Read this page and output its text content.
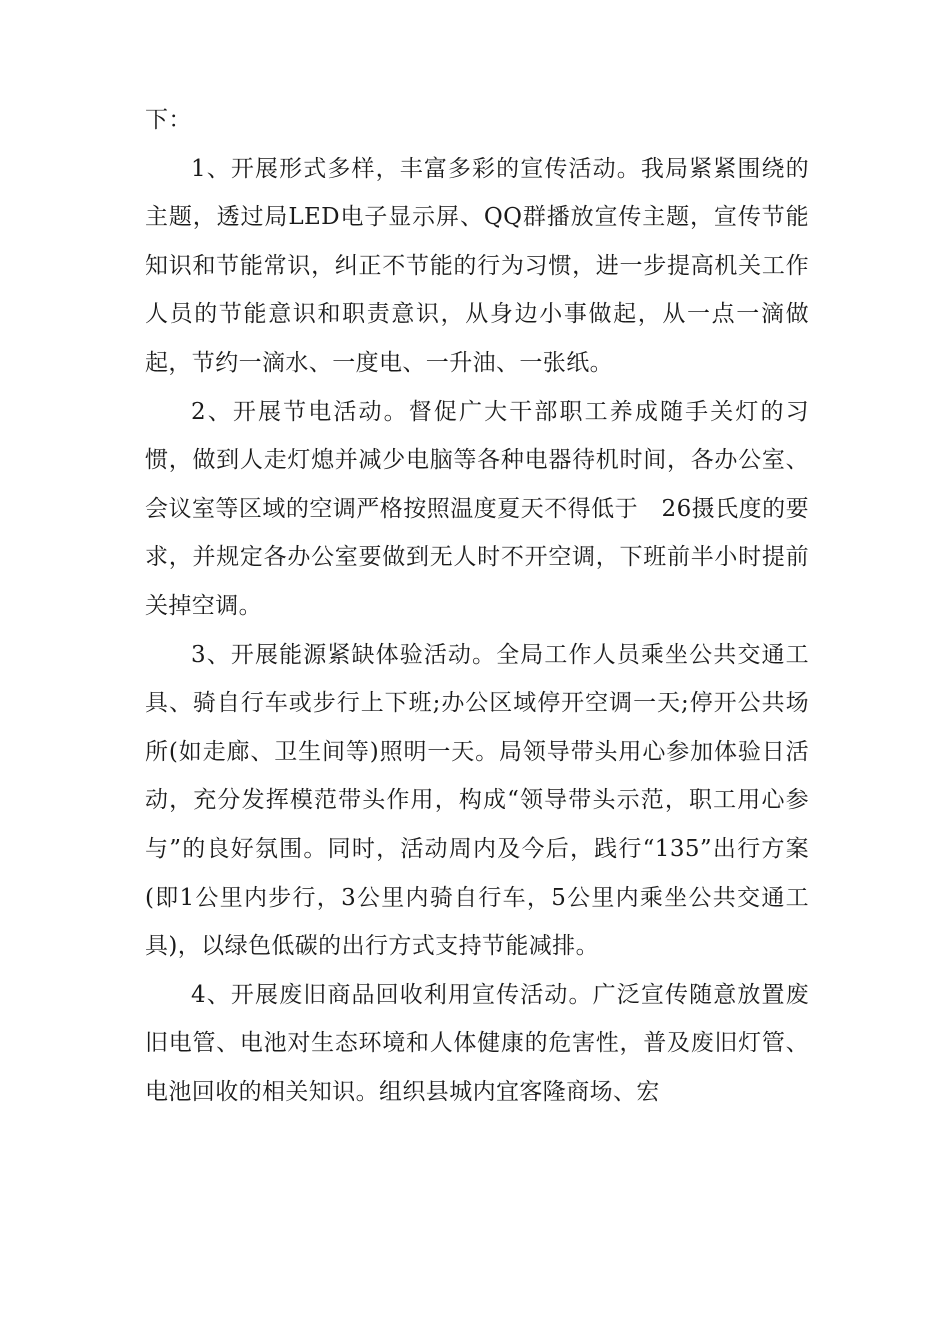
下：

1、开展形式多样，丰富多彩的宣传活动。我局紧紧围绕的主题，透过局LED电子显示屏、QQ群播放宣传主题，宣传节能知识和节能常识，纠正不节能的行为习惯，进一步提高机关工作人员的节能意识和职责意识，从身边小事做起，从一点一滴做起，节约一滴水、一度电、一升油、一张纸。

2、开展节电活动。督促广大干部职工养成随手关灯的习惯，做到人走灯熄并减少电脑等各种电器待机时间，各办公室、会议室等区域的空调严格按照温度夏天不得低于　26摄氏度的要求，并规定各办公室要做到无人时不开空调，下班前半小时提前关掉空调。

3、开展能源紧缺体验活动。全局工作人员乘坐公共交通工具、骑自行车或步行上下班;办公区域停开空调一天;停开公共场所(如走廊、卫生间等)照明一天。局领导带头用心参加体验日活动，充分发挥模范带头作用，构成“领导带头示范，职工用心参与”的良好氛围。同时，活动周内及今后，践行“135”出行方案(即1公里内步行，3公里内骑自行车，5公里内乘坐公共交通工具)，以绿色低碳的出行方式支持节能减排。

4、开展废旧商品回收利用宣传活动。广泛宣传随意放置废旧电管、电池对生态环境和人体健康的危害性，普及废旧灯管、电池回收的相关知识。组织县城内宜客隆商场、宏
